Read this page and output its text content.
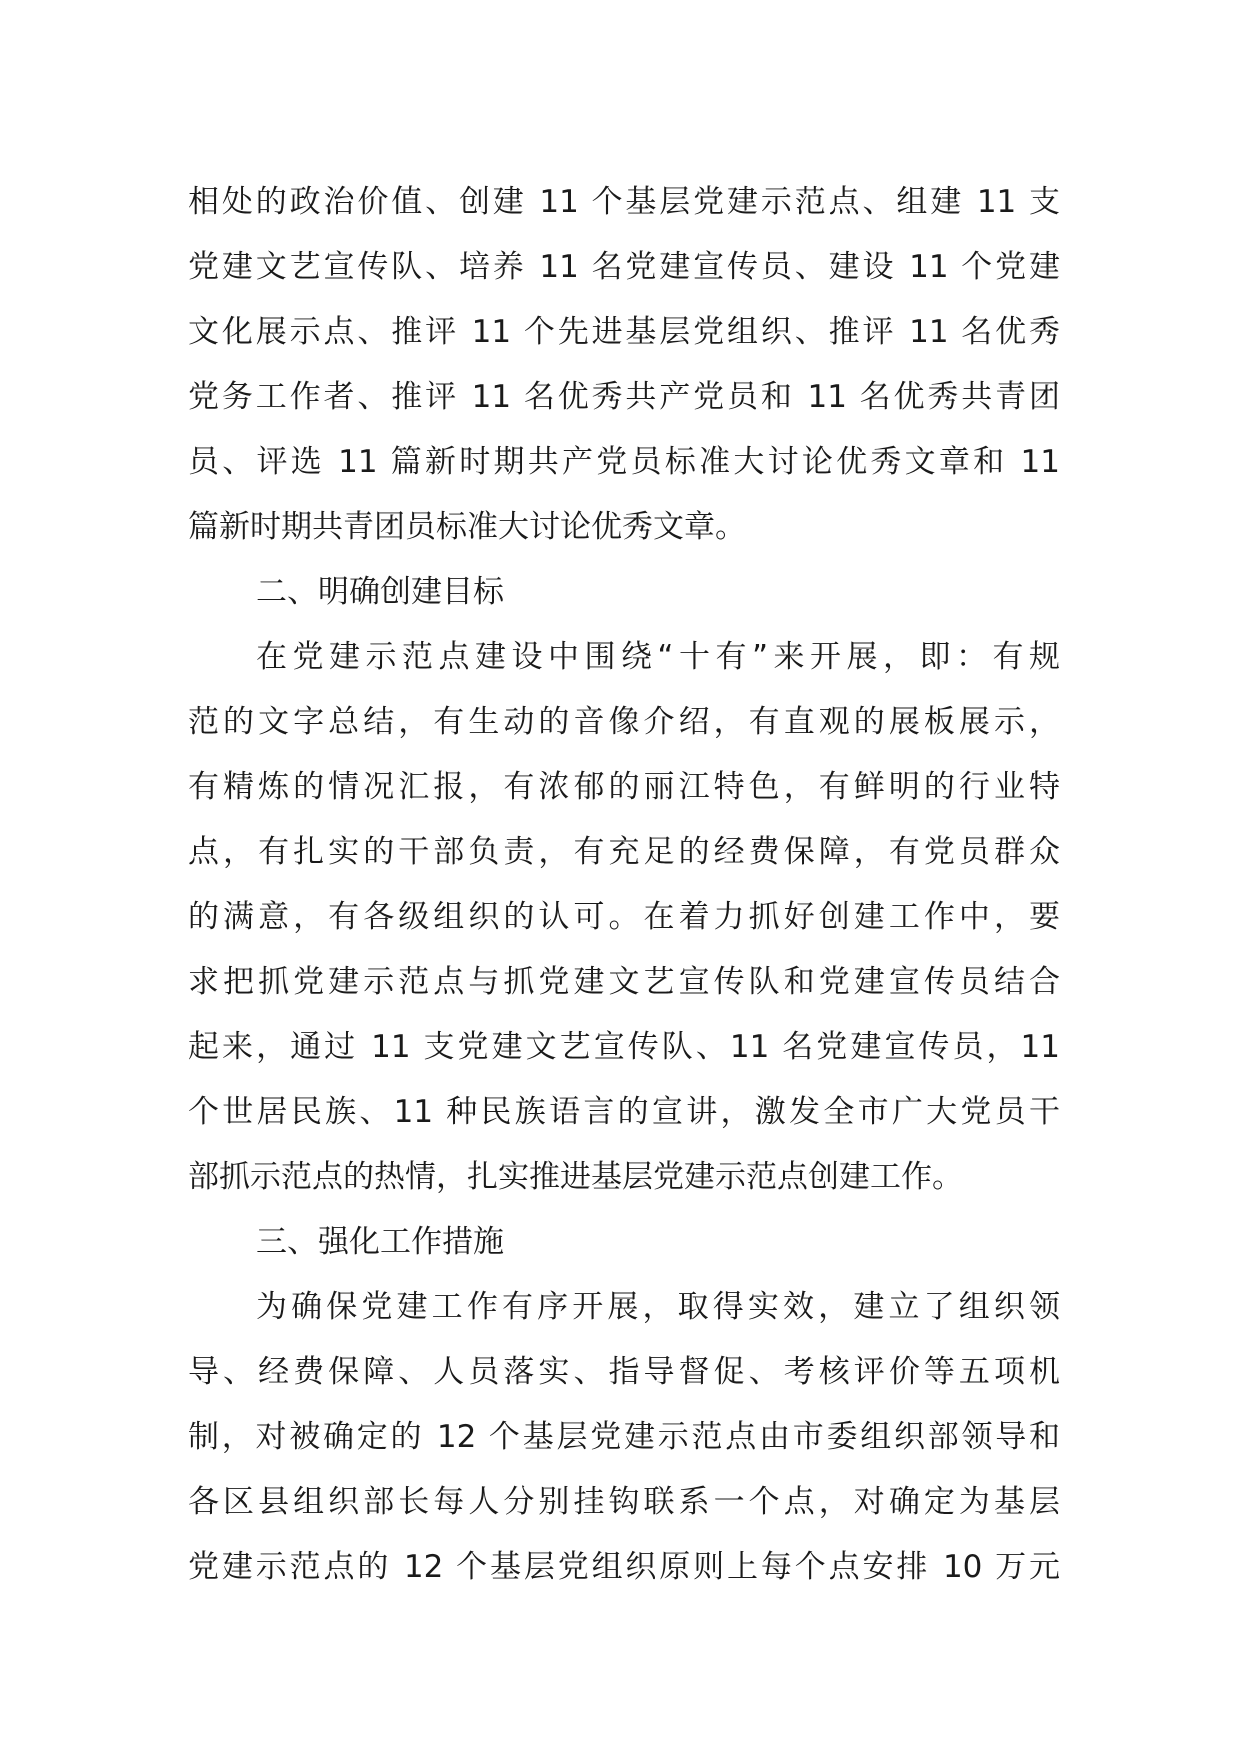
相处的政治价值、创建 11 个基层党建示范点、组建 11 支
党建文艺宣传队、培养 11 名党建宣传员、建设 11 个党建
文化展示点、推评 11 个先进基层党组织、推评 11 名优秀
党务工作者、推评 11 名优秀共产党员和 11 名优秀共青团
员、评选 11 篇新时期共产党员标准大讨论优秀文章和 11
篇新时期共青团员标准大讨论优秀文章。
二、明确创建目标
在党建示范点建设中围绕“十有”来开展，即：有规
范的文字总结，有生动的音像介绍，有直观的展板展示，
有精炼的情况汇报，有浓郁的丽江特色，有鲜明的行业特
点，有扎实的干部负责，有充足的经费保障，有党员群众
的满意，有各级组织的认可。在着力抓好创建工作中，要
求把抓党建示范点与抓党建文艺宣传队和党建宣传员结合
起来，通过 11 支党建文艺宣传队、11 名党建宣传员，11
个世居民族、11 种民族语言的宣讲，激发全市广大党员干
部抓示范点的热情，扎实推进基层党建示范点创建工作。
三、强化工作措施
为确保党建工作有序开展，取得实效，建立了组织领
导、经费保障、人员落实、指导督促、考核评价等五项机
制，对被确定的 12 个基层党建示范点由市委组织部领导和
各区县组织部长每人分别挂钩联系一个点，对确定为基层
党建示范点的 12 个基层党组织原则上每个点安排 10 万元
